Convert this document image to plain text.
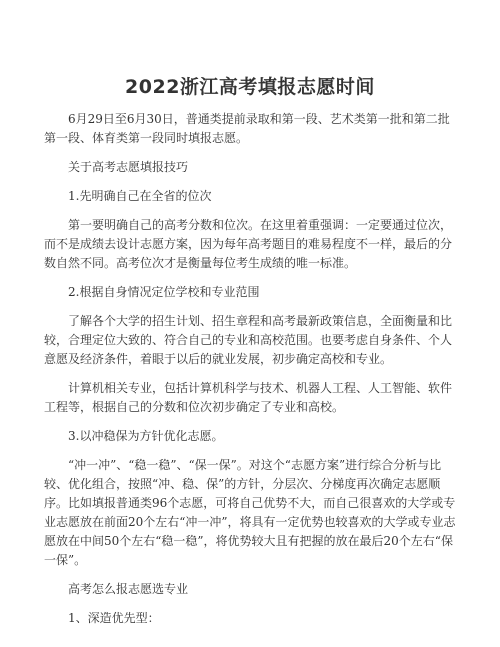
2022浙江高考填报志愿时间

6月29日至6月30日，普通类提前录取和第一段、艺术类第一批和第二批第一段、体育类第一段同时填报志愿。

关于高考志愿填报技巧

1.先明确自己在全省的位次

第一要明确自己的高考分数和位次。在这里着重强调：一定要通过位次，而不是成绩去设计志愿方案，因为每年高考题目的难易程度不一样，最后的分数自然不同。高考位次才是衡量每位考生成绩的唯一标准。

2.根据自身情况定位学校和专业范围

了解各个大学的招生计划、招生章程和高考最新政策信息，全面衡量和比较，合理定位大致的、符合自己的专业和高校范围。也要考虑自身条件、个人意愿及经济条件，着眼于以后的就业发展，初步确定高校和专业。

计算机相关专业，包括计算机科学与技术、机器人工程、人工智能、软件工程等，根据自己的分数和位次初步确定了专业和高校。

3.以冲稳保为方针优化志愿。

“冲一冲”、“稳一稳”、“保一保”。对这个“志愿方案”进行综合分析与比较、优化组合，按照“冲、稳、保”的方针，分层次、分梯度再次确定志愿顺序。比如填报普通类96个志愿，可将自己优势不大，而自己很喜欢的大学或专业志愿放在前面20个左右“冲一冲”，将具有一定优势也较喜欢的大学或专业志愿放在中间50个左右“稳一稳”，将优势较大且有把握的放在最后20个左右“保一保”。

高考怎么报志愿选专业

1、深造优先型：
